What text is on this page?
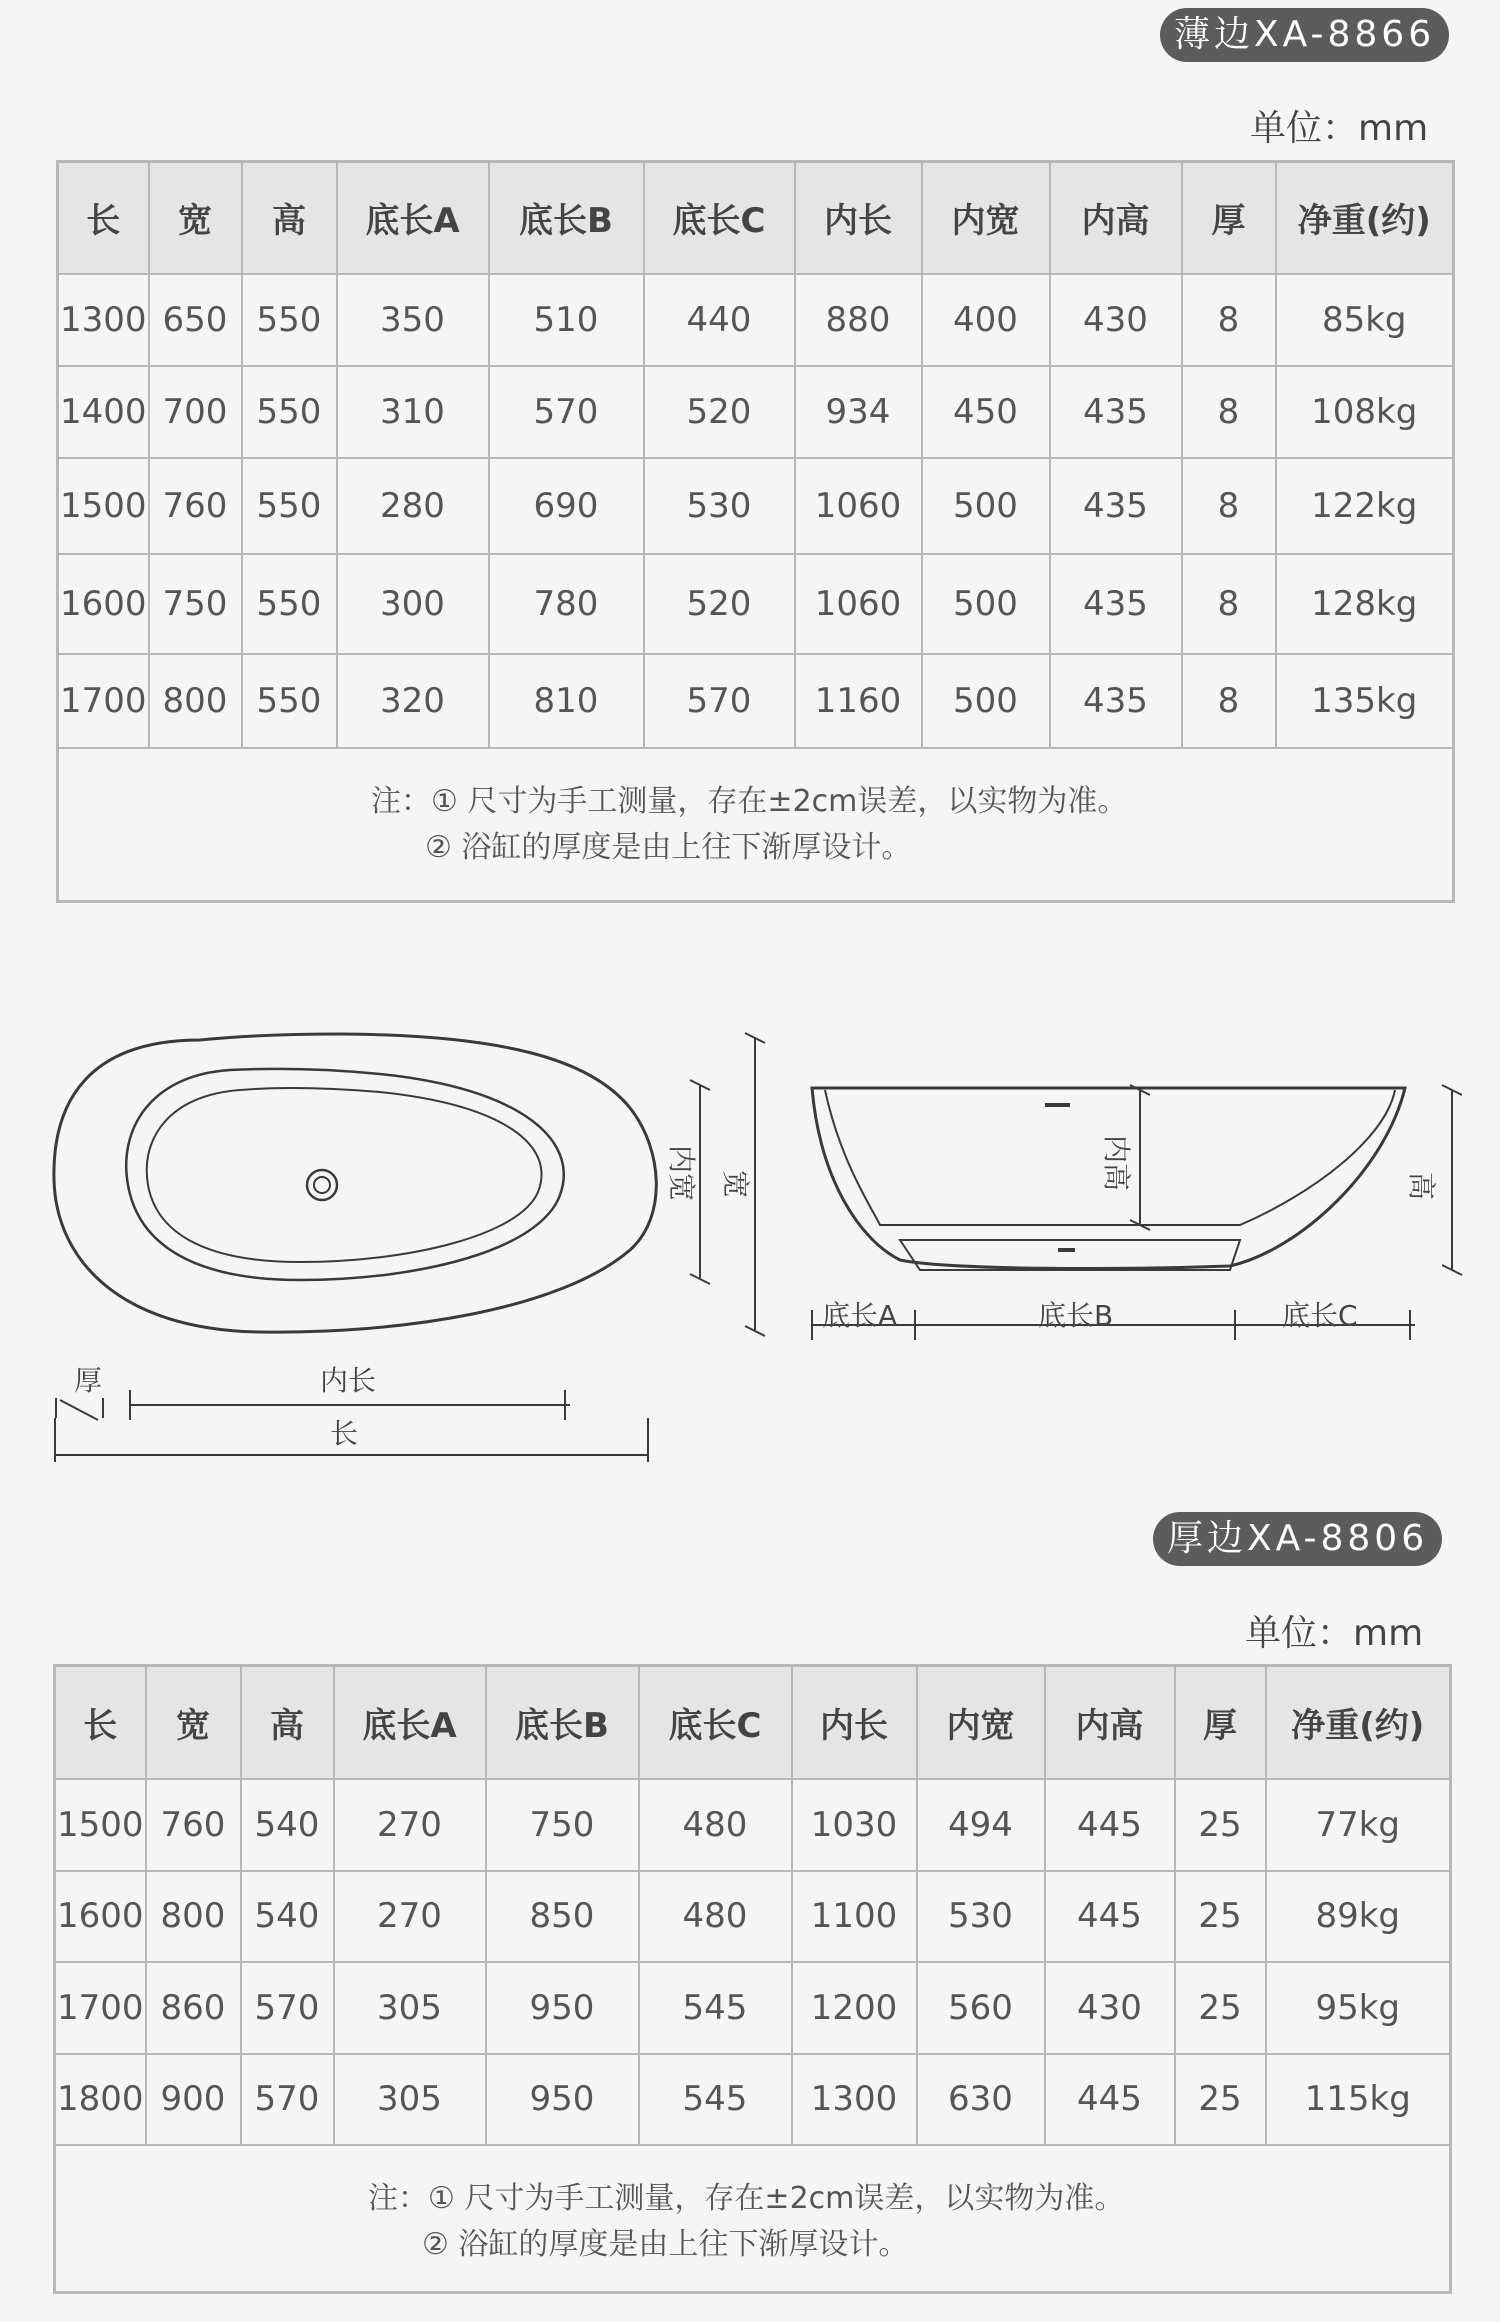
薄边XA-8866
单位：mm
长	宽	高	底长A	底长B	底长C	内长	内宽	内高	厚	净重(约)
1300	650	550	350	510	440	880	400	430	8	85kg
1400	700	550	310	570	520	934	450	435	8	108kg
1500	760	550	280	690	530	1060	500	435	8	122kg
1600	750	550	300	780	520	1060	500	435	8	128kg
1700	800	550	320	810	570	1160	500	435	8	135kg

注：① 尺寸为手工测量，存在±2cm误差，以实物为准。
② 浴缸的厚度是由上往下渐厚设计。										
厚	内长
长
内宽 宽	内高	高
底长A	底长B	底长C
厚边XA-8806
单位：mm
长	宽	高	底长A	底长B	底长C	内长	内宽	内高	厚	净重(约)
1500	760	540	270	750	480	1030	494	445	25	77kg
1600	800	540	270	850	480	1100	530	445	25	89kg
1700	860	570	305	950	545	1200	560	430	25	95kg
1800	900	570	305	950	545	1300	630	445	25	115kg

注：① 尺寸为手工测量，存在±2cm误差，以实物为准。
② 浴缸的厚度是由上往下渐厚设计。										
